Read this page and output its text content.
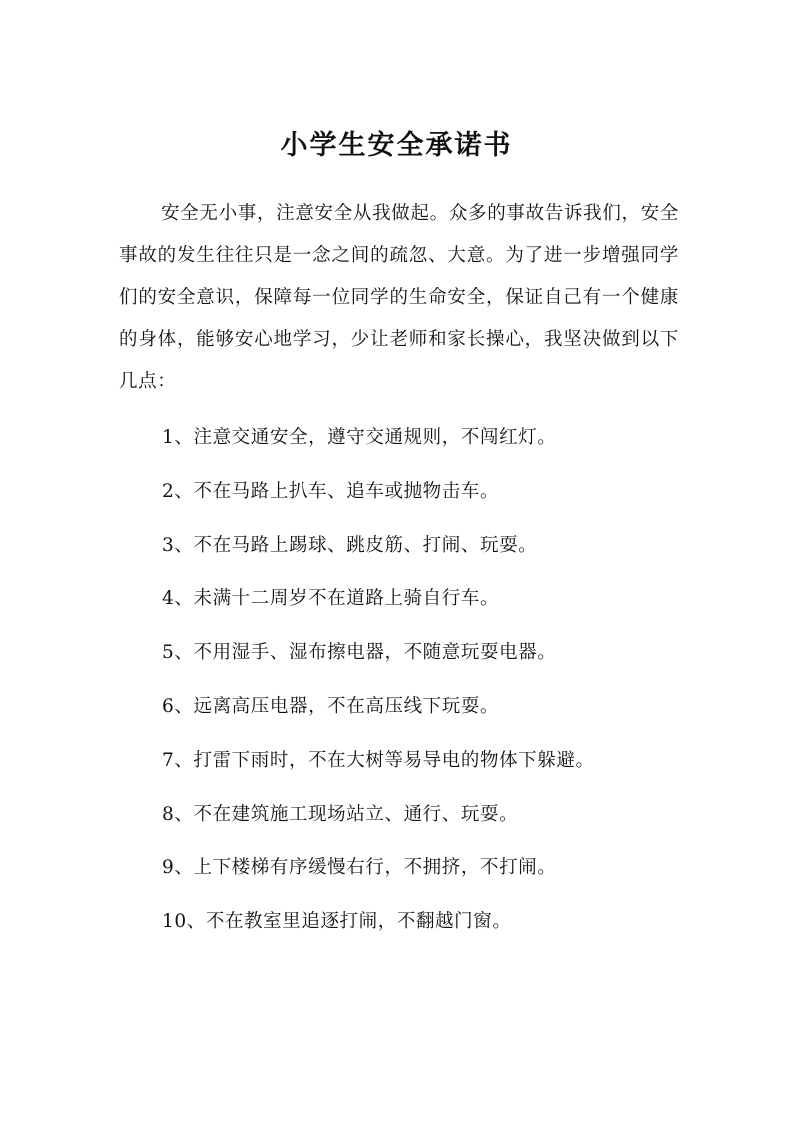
小学生安全承诺书

安全无小事，注意安全从我做起。众多的事故告诉我们，安全事故的发生往往只是一念之间的疏忽、大意。为了进一步增强同学们的安全意识，保障每一位同学的生命安全，保证自己有一个健康的身体，能够安心地学习，少让老师和家长操心，我坚决做到以下几点：

1、注意交通安全，遵守交通规则，不闯红灯。
2、不在马路上扒车、追车或抛物击车。
3、不在马路上踢球、跳皮筋、打闹、玩耍。
4、未满十二周岁不在道路上骑自行车。
5、不用湿手、湿布擦电器，不随意玩耍电器。
6、远离高压电器，不在高压线下玩耍。
7、打雷下雨时，不在大树等易导电的物体下躲避。
8、不在建筑施工现场站立、通行、玩耍。
9、上下楼梯有序缓慢右行，不拥挤，不打闹。
10、不在教室里追逐打闹，不翻越门窗。
